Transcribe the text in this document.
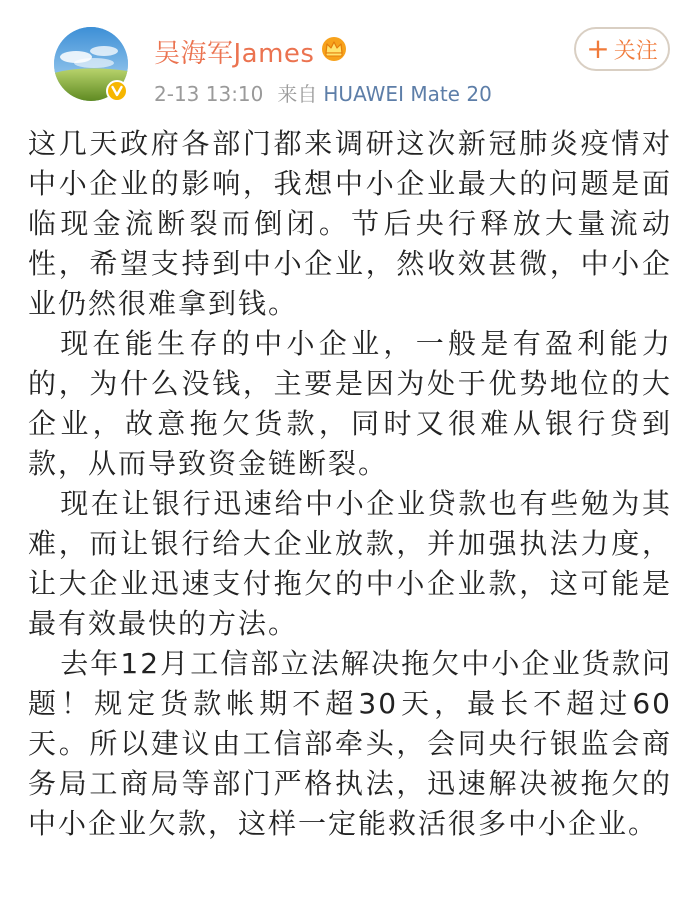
吴海军James
2-13 13:10 来自 HUAWEI Mate 20
+ 关注

这几天政府各部门都来调研这次新冠肺炎疫情对中小企业的影响，我想中小企业最大的问题是面临现金流断裂而倒闭。节后央行释放大量流动性，希望支持到中小企业，然收效甚微，中小企业仍然很难拿到钱。

现在能生存的中小企业，一般是有盈利能力的，为什么没钱，主要是因为处于优势地位的大企业，故意拖欠货款，同时又很难从银行贷到款，从而导致资金链断裂。

现在让银行迅速给中小企业贷款也有些勉为其难，而让银行给大企业放款，并加强执法力度，让大企业迅速支付拖欠的中小企业款，这可能是最有效最快的方法。

去年12月工信部立法解决拖欠中小企业货款问题！规定货款帐期不超30天，最长不超过60天。所以建议由工信部牵头，会同央行银监会商务局工商局等部门严格执法，迅速解决被拖欠的中小企业欠款，这样一定能救活很多中小企业。
